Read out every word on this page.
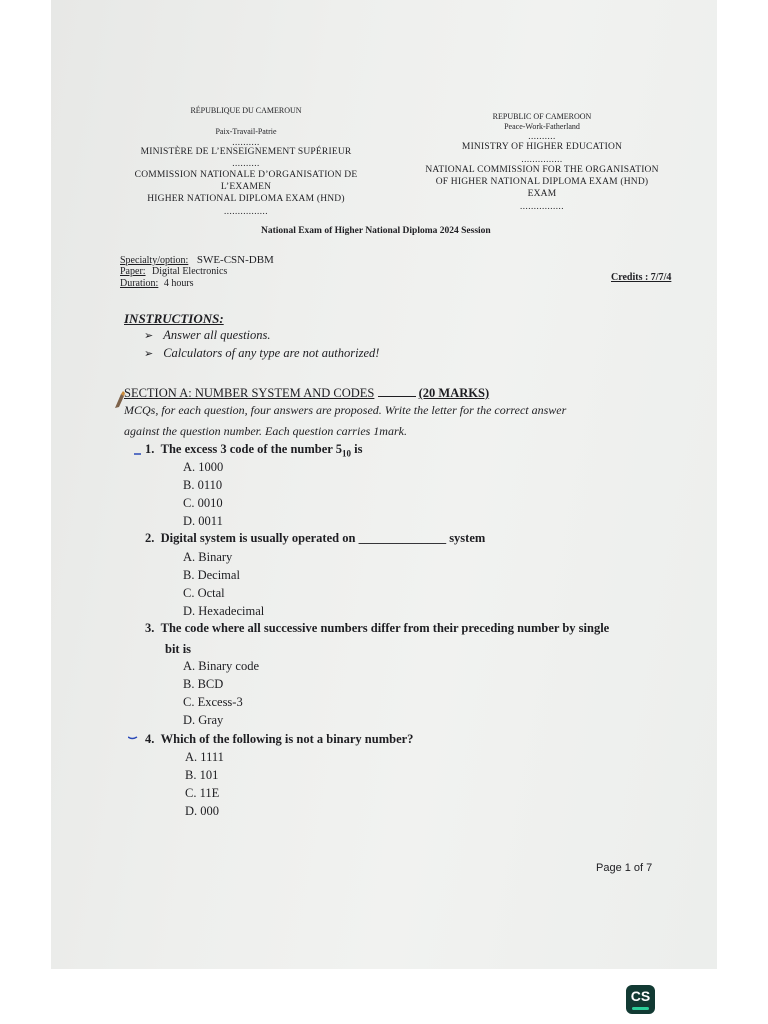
RÉPUBLIQUE DU CAMEROUN
Paix-Travail-Patrie
..........
MINISTÈRE DE L’ENSEIGNEMENT SUPÉRIEUR
..........
COMMISSION NATIONALE D’ORGANISATION DE
L’EXAMEN
HIGHER NATIONAL DIPLOMA EXAM (HND)
................
REPUBLIC OF CAMEROON
Peace-Work-Fatherland
..........
MINISTRY OF HIGHER EDUCATION
...............
NATIONAL COMMISSION FOR THE ORGANISATION
OF HIGHER NATIONAL DIPLOMA EXAM (HND)
EXAM
................
National Exam of Higher National Diploma 2024 Session
Specialty/option: SWE-CSN-DBM
Paper: Digital Electronics
Duration: 4 hours
Credits : 7/7/4
INSTRUCTIONS:
➢ Answer all questions.
➢ Calculators of any type are not authorized!
SECTION A: NUMBER SYSTEM AND CODES	(20 MARKS)
MCQs, for each question, four answers are proposed. Write the letter for the correct answer
against the question number. Each question carries 1mark.
1. The excess 3 code of the number $5_{10}$ is
A. 1000
B. 0110
C. 0010
D. 0011
2. Digital system is usually operated on ______________ system
A. Binary
B. Decimal
C. Octal
D. Hexadecimal
3. The code where all successive numbers differ from their preceding number by single
bit is
A. Binary code
B. BCD
C. Excess-3
D. Gray
4. Which of the following is not a binary number?
A. 1111
B. 101
C. 11E
D. 000
Page 1 of 7
CS
